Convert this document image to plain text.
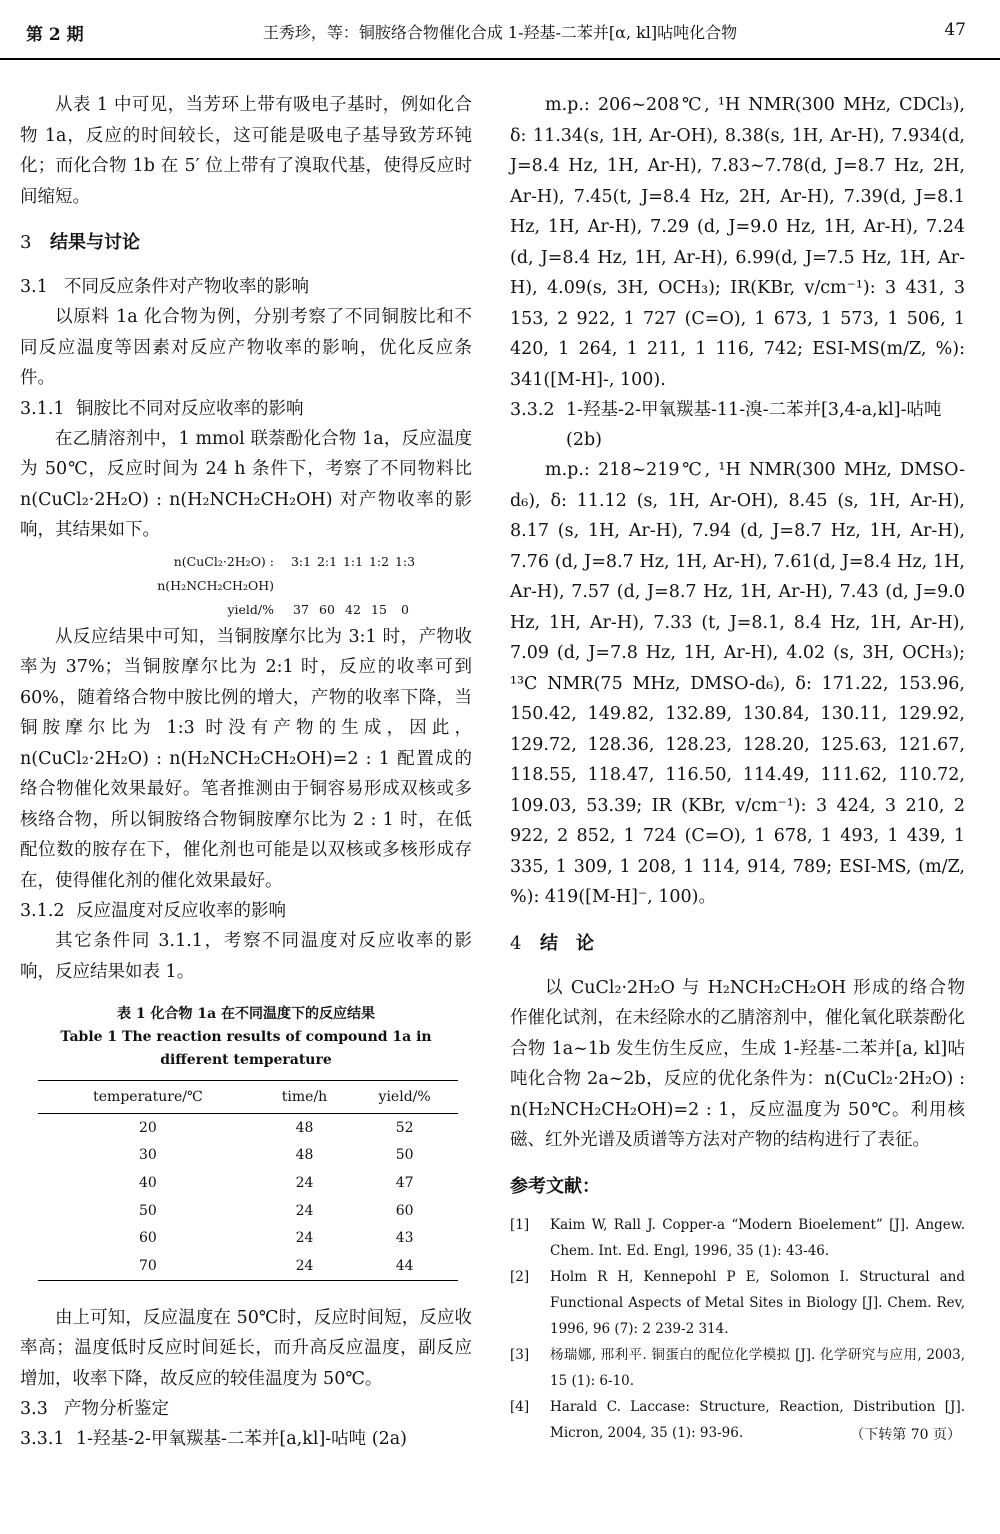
第 2 期	王秀珍，等：铜胺络合物催化合成 1-羟基-二苯并[α, kl]呫吨化合物	47

从表 1 中可见，当芳环上带有吸电子基时，例如化合物 1a，反应的时间较长，这可能是吸电子基导致芳环钝化；而化合物 1b 在 5′ 位上带有了溴取代基，使得反应时间缩短。

3 结果与讨论
3.1 不同反应条件对产物收率的影响

以原料 1a 化合物为例，分别考察了不同铜胺比和不同反应温度等因素对反应产物收率的影响，优化反应条件。

3.1.1 铜胺比不同对反应收率的影响

在乙腈溶剂中，1 mmol 联萘酚化合物 1a，反应温度为 50℃，反应时间为 24 h 条件下，考察了不同物料比 n(CuCl₂·2H₂O) : n(H₂NCH₂CH₂OH) 对产物收率的影响，其结果如下。

n(CuCl₂·2H₂O) : n(H₂NCH₂CH₂OH)
3:1 2:1 1:1 1:2 1:3
yield/%	37 60 42 15	0

从反应结果中可知，当铜胺摩尔比为 3:1 时，产物收率为 37%；当铜胺摩尔比为 2:1 时，反应的收率可到 60%，随着络合物中胺比例的增大，产物的收率下降，当铜胺摩尔比为 1:3 时没有产物的生成，因此，n(CuCl₂·2H₂O) : n(H₂NCH₂CH₂OH)=2 : 1 配置成的络合物催化效果最好。笔者推测由于铜容易形成双核或多核络合物，所以铜胺络合物铜胺摩尔比为 2 : 1 时，在低配位数的胺存在下，催化剂也可能是以双核或多核形成存在，使得催化剂的催化效果最好。

3.1.2 反应温度对反应收率的影响

其它条件同 3.1.1，考察不同温度对反应收率的影响，反应结果如表 1。

表 1 化合物 1a 在不同温度下的反应结果
Table 1 The reaction results of compound 1a in
different temperature
temperature/℃	time/h	yield/%
20	48	52
30	48	50
40	24	47
50	24	60
60	24	43
70	24	44

由上可知，反应温度在 50℃时，反应时间短，反应收率高；温度低时反应时间延长，而升高反应温度，副反应增加，收率下降，故反应的较佳温度为 50℃。

3.3 产物分析鉴定
3.3.1 1-羟基-2-甲氧羰基-二苯并[a,kl]-呫吨 (2a)

m.p.: 206~208℃, ¹H NMR(300 MHz, CDCl₃), δ: 11.34(s, 1H, Ar-OH), 8.38(s, 1H, Ar-H), 7.934(d, J=8.4 Hz, 1H, Ar-H), 7.83~7.78(d, J=8.7 Hz, 2H, Ar-H), 7.45(t, J=8.4 Hz, 2H, Ar-H), 7.39(d, J=8.1 Hz, 1H, Ar-H), 7.29 (d, J=9.0 Hz, 1H, Ar-H), 7.24 (d, J=8.4 Hz, 1H, Ar-H), 6.99(d, J=7.5 Hz, 1H, Ar-H), 4.09(s, 3H, OCH₃); IR(KBr, v/cm⁻¹): 3 431, 3 153, 2 922, 1 727 (C=O), 1 673, 1 573, 1 506, 1 420, 1 264, 1 211, 1 116, 742; ESI-MS(m/Z, %): 341([M-H]-, 100).

3.3.2 1-羟基-2-甲氧羰基-11-溴-二苯并[3,4-a,kl]-呫吨(2b)

m.p.: 218~219℃, ¹H NMR(300 MHz, DMSO-d₆), δ: 11.12 (s, 1H, Ar-OH), 8.45 (s, 1H, Ar-H), 8.17 (s, 1H, Ar-H), 7.94 (d, J=8.7 Hz, 1H, Ar-H), 7.76 (d, J=8.7 Hz, 1H, Ar-H), 7.61(d, J=8.4 Hz, 1H, Ar-H), 7.57 (d, J=8.7 Hz, 1H, Ar-H), 7.43 (d, J=9.0 Hz, 1H, Ar-H), 7.33 (t, J=8.1, 8.4 Hz, 1H, Ar-H), 7.09 (d, J=7.8 Hz, 1H, Ar-H), 4.02 (s, 3H, OCH₃); ¹³C NMR(75 MHz, DMSO-d₆), δ: 171.22, 153.96, 150.42, 149.82, 132.89, 130.84, 130.11, 129.92, 129.72, 128.36, 128.23, 128.20, 125.63, 121.67, 118.55, 118.47, 116.50, 114.49, 111.62, 110.72, 109.03, 53.39; IR (KBr, v/cm⁻¹): 3 424, 3 210, 2 922, 2 852, 1 724 (C=O), 1 678, 1 493, 1 439, 1 335, 1 309, 1 208, 1 114, 914, 789; ESI-MS, (m/Z, %): 419([M-H]⁻, 100)。

4 结　论

以 CuCl₂·2H₂O 与 H₂NCH₂CH₂OH 形成的络合物作催化试剂，在未经除水的乙腈溶剂中，催化氧化联萘酚化合物 1a~1b 发生仿生反应，生成 1-羟基-二苯并[a, kl]呫吨化合物 2a~2b，反应的优化条件为：n(CuCl₂·2H₂O) : n(H₂NCH₂CH₂OH)=2 : 1，反应温度为 50℃。利用核磁、红外光谱及质谱等方法对产物的结构进行了表征。

参考文献：
[1]	Kaim W, Rall J. Copper-a “Modern Bioelement” [J]. Angew. Chem. Int. Ed. Engl, 1996, 35 (1): 43-46.
[2]	Holm R H, Kennepohl P E, Solomon I. Structural and Functional Aspects of Metal Sites in Biology [J]. Chem. Rev, 1996, 96 (7): 2 239-2 314.
[3]	杨瑞娜, 邢利平. 铜蛋白的配位化学模拟 [J]. 化学研究与应用, 2003, 15 (1): 6-10.
[4]	Harald C. Laccase: Structure, Reaction, Distribution [J]. Micron, 2004, 35 (1): 93-96.	（下转第 70 页）
